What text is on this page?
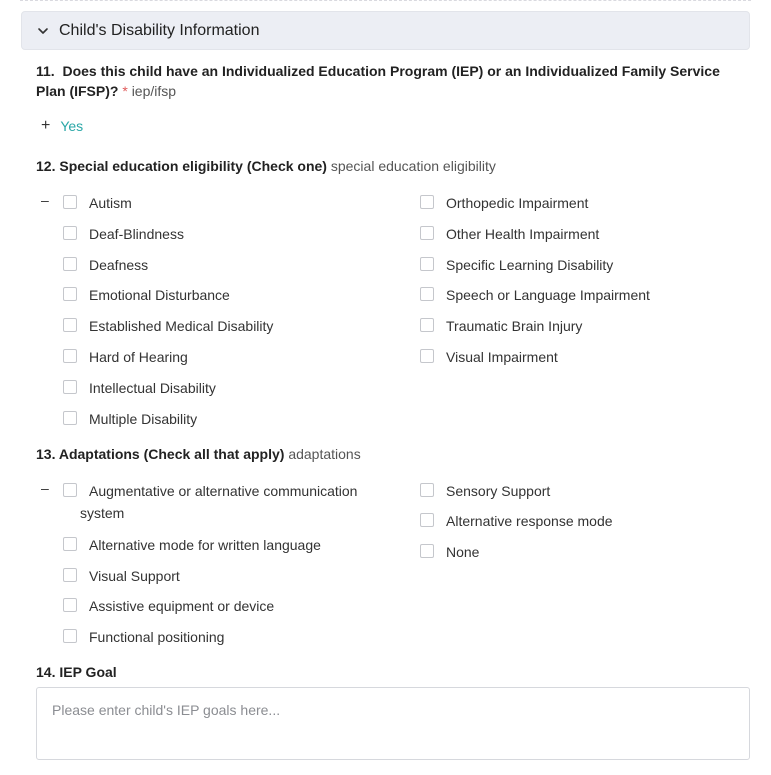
Child's Disability Information
11. Does this child have an Individualized Education Program (IEP) or an Individualized Family Service Plan (IFSP)? * iep/ifsp
+ Yes
12. Special education eligibility (Check one) special education eligibility
–	Autism
Deaf-Blindness
Deafness
Emotional Disturbance
Established Medical Disability
Hard of Hearing
Intellectual Disability
Multiple Disability
Orthopedic Impairment
Other Health Impairment
Specific Learning Disability
Speech or Language Impairment
Traumatic Brain Injury
Visual Impairment
13. Adaptations (Check all that apply) adaptations
–	Augmentative or alternative communication
system
Alternative mode for written language
Visual Support
Assistive equipment or device
Functional positioning
Sensory Support
Alternative response mode
None
14. IEP Goal
Please enter child's IEP goals here...
